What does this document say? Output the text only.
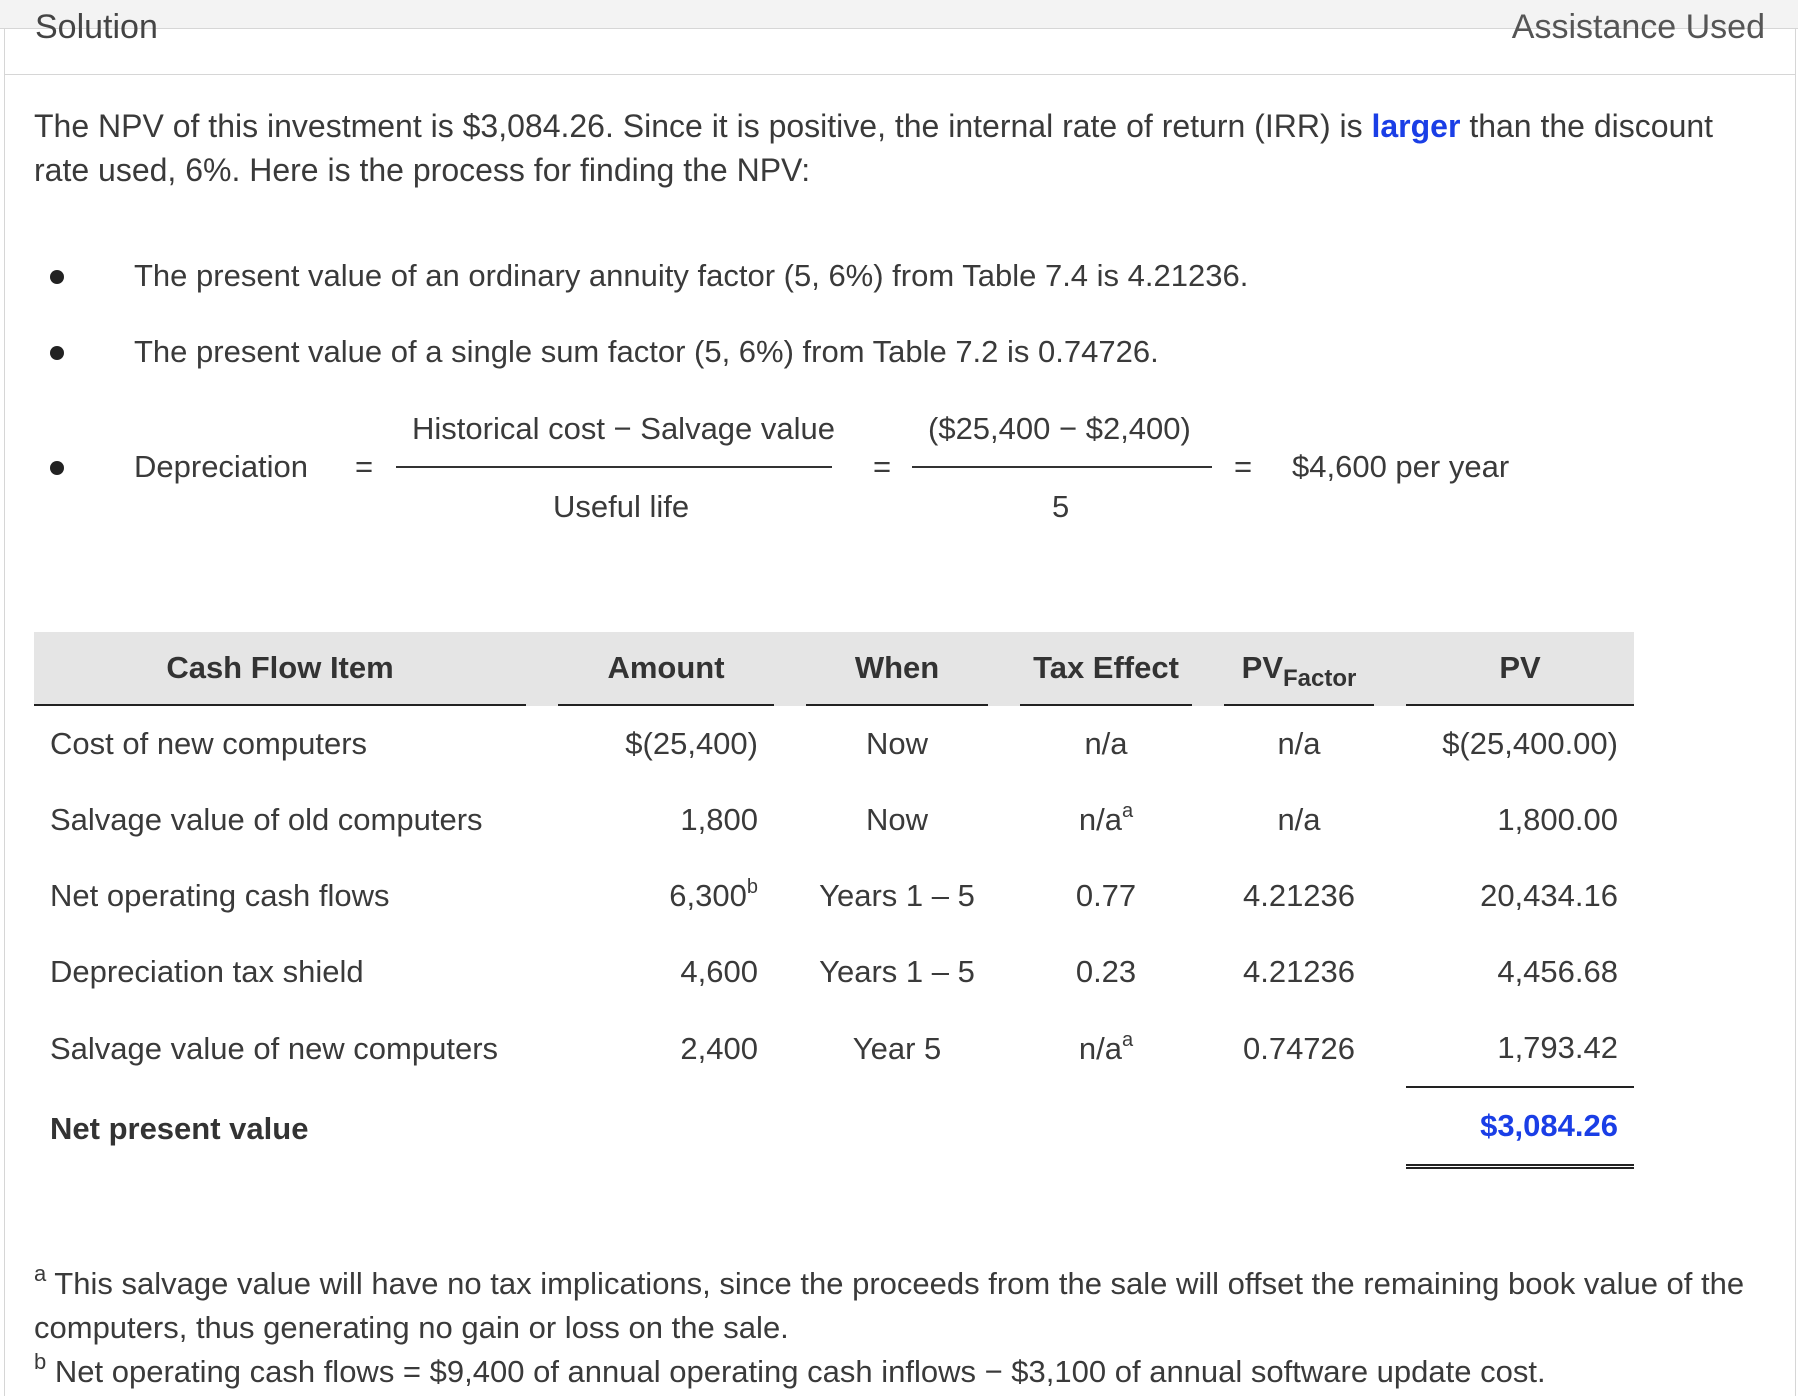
Solution	Assistance Used
The NPV of this investment is $3,084.26. Since it is positive, the internal rate of return (IRR) is larger than the discount rate used, 6%. Here is the process for finding the NPV:
The present value of an ordinary annuity factor (5, 6%) from Table 7.4 is 4.21236.
The present value of a single sum factor (5, 6%) from Table 7.2 is 0.74726.
Depreciation =
Historical cost − Salvage value
Useful life
=
($25,400 − $2,400)
5
= $4,600 per year
Cash Flow Item		Amount		When		Tax Effect		$PV_{Factor}$		PV
Cost of new computers		$(25,400)		Now		n/a		n/a		$(25,400.00)
Salvage value of old computers		1,800		Now		$n/a^a$		n/a		1,800.00
Net operating cash flows		6,300$^b$		Years 1 – 5		0.77		4.21236		20,434.16
Depreciation tax shield		4,600		Years 1 – 5		0.23		4.21236		4,456.68
Salvage value of new computers		2,400		Year 5		$n/a^a$		0.74726		1,793.42
Net present value										$3,084.26
$^a$ This salvage value will have no tax implications, since the proceeds from the sale will offset the remaining book value of the computers, thus generating no gain or loss on the sale.
$^b$ Net operating cash flows = $9,400 of annual operating cash inflows − $3,100 of annual software update cost.
